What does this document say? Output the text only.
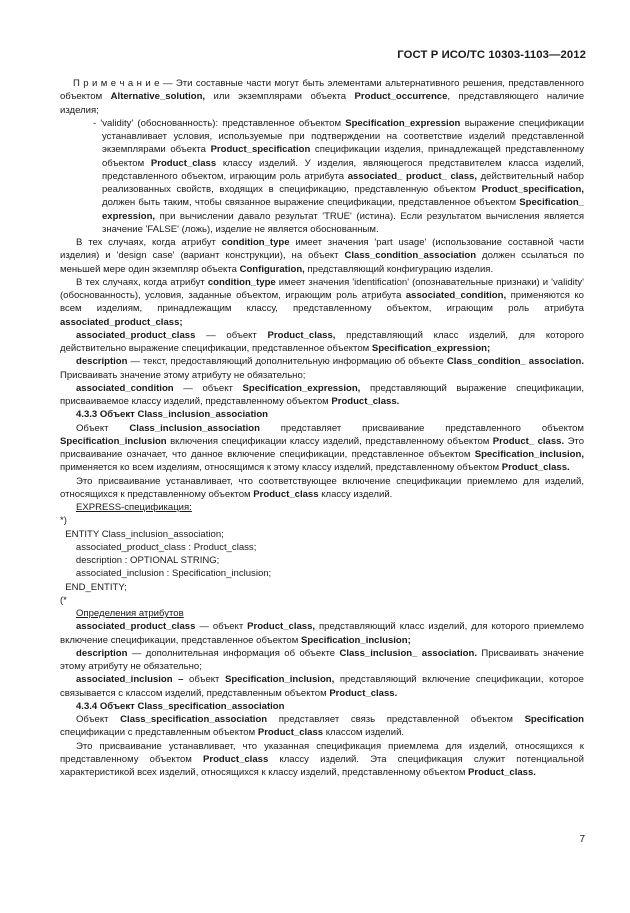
ГОСТ Р ИСО/ТС 10303-1103—2012

П р и м е ч а н и е — Эти составные части могут быть элементами альтернативного решения, представленного объектом Alternative_solution, или экземплярами объекта Product_occurrence, представляющего наличие изделия;

- 'validity' (обоснованность): представленное объектом Specification_expression выражение спецификации устанавливает условия, используемые при подтверждении на соответствие изделий представленной экземплярами объекта Product_specification спецификации изделия, принадлежащей представленному объектом Product_class классу изделий. У изделия, являющегося представителем класса изделий, представленного объектом, играющим роль атрибута associated_ product_ class, действительный набор реализованных свойств, входящих в спецификацию, представленную объектом Product_specification, должен быть таким, чтобы связанное выражение спецификации, представленное объектом Specification_ expression, при вычислении давало результат 'TRUE' (истина). Если результатом вычисления является значение 'FALSE' (ложь), изделие не является обоснованным.

В тех случаях, когда атрибут condition_type имеет значения 'part usage' (использование составной части изделия) и 'design case' (вариант конструкции), на объект Class_condition_association должен ссылаться по меньшей мере один экземпляр объекта Configuration, представляющий конфигурацию изделия.

В тех случаях, когда атрибут condition_type имеет значения 'identification' (опознавательные признаки) и 'validity' (обоснованность), условия, заданные объектом, играющим роль атрибута associated_condition, применяются ко всем изделиям, принадлежащим классу, представленному объектом, играющим роль атрибута associated_product_class;

associated_product_class — объект Product_class, представляющий класс изделий, для которого действительно выражение спецификации, представленное объектом Specification_expression;

description — текст, предоставляющий дополнительную информацию об объекте Class_condition_ association. Присваивать значение этому атрибуту не обязательно;

associated_condition — объект Specification_expression, представляющий выражение спецификации, присваиваемое классу изделий, представленному объектом Product_class.

4.3.3 Объект Class_inclusion_association

Объект Class_inclusion_association представляет присваивание представленного объектом Specification_inclusion включения спецификации классу изделий, представленному объектом Product_ class. Это присваивание означает, что данное включение спецификации, представленное объектом Specification_inclusion, применяется ко всем изделиям, относящимся к этому классу изделий, представленному объектом Product_class.

Это присваивание устанавливает, что соответствующее включение спецификации приемлемо для изделий, относящихся к представленному объектом Product_class классу изделий.

EXPRESS-спецификация:

*)

ENTITY Class_inclusion_association;

associated_product_class : Product_class;

description : OPTIONAL STRING;

associated_inclusion : Specification_inclusion;

END_ENTITY;

(*

Определения атрибутов

associated_product_class — объект Product_class, представляющий класс изделий, для которого приемлемо включение спецификации, представленное объектом Specification_inclusion;

description — дополнительная информация об объекте Class_inclusion_ association. Присваивать значение этому атрибуту не обязательно;

associated_inclusion – объект Specification_inclusion, представляющий включение спецификации, которое связывается с классом изделий, представленным объектом Product_class.

4.3.4 Объект Class_specification_association

Объект Class_specification_association представляет связь представленной объектом Specification спецификации с представленным объектом Product_class классом изделий.

Это присваивание устанавливает, что указанная спецификация приемлема для изделий, относящихся к представленному объектом Product_class классу изделий. Эта спецификация служит потенциальной характеристикой всех изделий, относящихся к классу изделий, представленному объектом Product_class.

7
